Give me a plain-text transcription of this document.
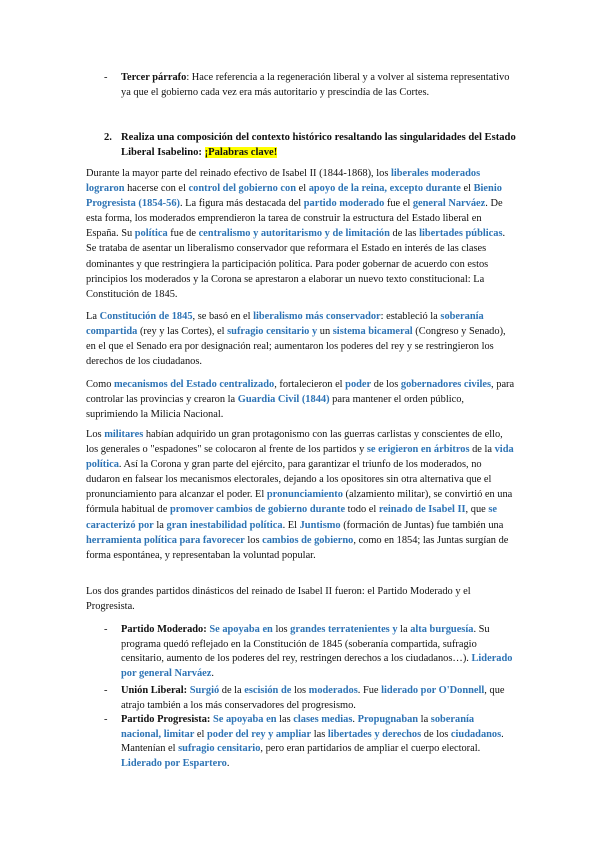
- Tercer párrafo: Hace referencia a la regeneración liberal y a volver al sistema representativo ya que el gobierno cada vez era más autoritario y prescindía de las Cortes.

2. Realiza una composición del contexto histórico resaltando las singularidades del Estado Liberal Isabelino: ¡Palabras clave!

Durante la mayor parte del reinado efectivo de Isabel II (1844-1868), los liberales moderados lograron hacerse con el control del gobierno con el apoyo de la reina, excepto durante el Bienio Progresista (1854-56). La figura más destacada del partido moderado fue el general Narváez. De esta forma, los moderados emprendieron la tarea de construir la estructura del Estado liberal en España. Su política fue de centralismo y autoritarismo y de limitación de las libertades públicas. Se trataba de asentar un liberalismo conservador que reformara el Estado en interés de las clases dominantes y que restringiera la participación política. Para poder gobernar de acuerdo con estos principios los moderados y la Corona se aprestaron a elaborar un nuevo texto constitucional: La Constitución de 1845.

La Constitución de 1845, se basó en el liberalismo más conservador: estableció la soberanía compartida (rey y las Cortes), el sufragio censitario y un sistema bicameral (Congreso y Senado), en el que el Senado era por designación real; aumentaron los poderes del rey y se restringieron los derechos de los ciudadanos.

Como mecanismos del Estado centralizado, fortalecieron el poder de los gobernadores civiles, para controlar las provincias y crearon la Guardia Civil (1844) para mantener el orden público, suprimiendo la Milicia Nacional.

Los militares habían adquirido un gran protagonismo con las guerras carlistas y conscientes de ello, los generales o "espadones" se colocaron al frente de los partidos y se erigieron en árbitros de la vida política. Así la Corona y gran parte del ejército, para garantizar el triunfo de los moderados, no dudaron en falsear los mecanismos electorales, dejando a los opositores sin otra alternativa que el pronunciamiento para alcanzar el poder. El pronunciamiento (alzamiento militar), se convirtió en una fórmula habitual de promover cambios de gobierno durante todo el reinado de Isabel II, que se caracterizó por la gran inestabilidad política. El Juntismo (formación de Juntas) fue también una herramienta política para favorecer los cambios de gobierno, como en 1854; las Juntas surgían de forma espontánea, y representaban la voluntad popular.

Los dos grandes partidos dinásticos del reinado de Isabel II fueron: el Partido Moderado y el Progresista.

- Partido Moderado: Se apoyaba en los grandes terratenientes y la alta burguesía. Su programa quedó reflejado en la Constitución de 1845 (soberanía compartida, sufragio censitario, aumento de los poderes del rey, restringen derechos a los ciudadanos…). Liderado por general Narváez.

- Unión Liberal: Surgió de la escisión de los moderados. Fue liderado por O'Donnell, que atrajo también a los más conservadores del progresismo.

- Partido Progresista: Se apoyaba en las clases medias. Propugnaban la soberanía nacional, limitar el poder del rey y ampliar las libertades y derechos de los ciudadanos. Mantenían el sufragio censitario, pero eran partidarios de ampliar el cuerpo electoral. Liderado por Espartero.
